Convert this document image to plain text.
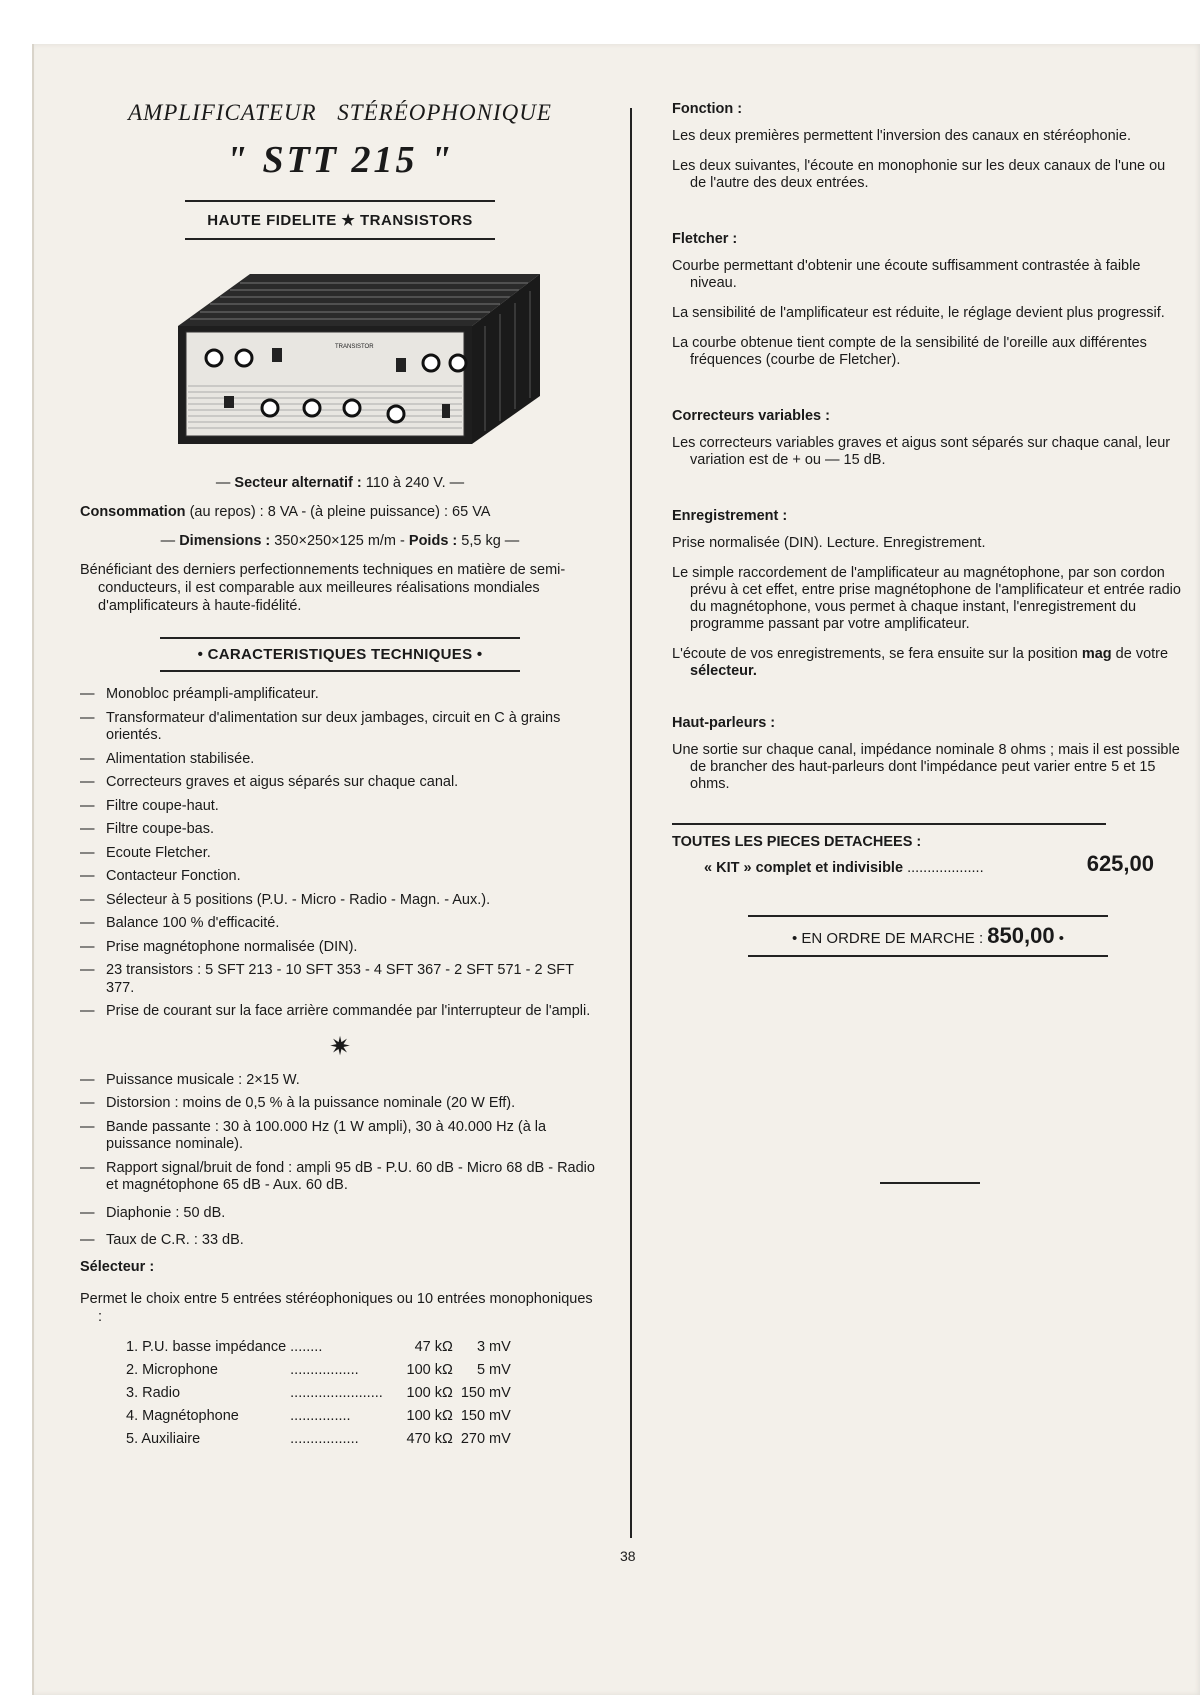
AMPLIFICATEUR STÉRÉOPHONIQUE
" STT 215 "
HAUTE FIDELITE ★ TRANSISTORS
TRANSISTOR

— Secteur alternatif : 110 à 240 V. —

Consommation (au repos) : 8 VA - (à pleine puissance) : 65 VA

— Dimensions : 350×250×125 m/m - Poids : 5,5 kg —

Bénéficiant des derniers perfectionnements techniques en matière de semi-conducteurs, il est comparable aux meilleures réalisations mondiales d'amplificateurs à haute-fidélité.

• CARACTERISTIQUES TECHNIQUES •
— Monobloc préampli-amplificateur.
— Transformateur d'alimentation sur deux jambages, circuit en C à grains orientés.
— Alimentation stabilisée.
— Correcteurs graves et aigus séparés sur chaque canal.
— Filtre coupe-haut.
— Filtre coupe-bas.
— Ecoute Fletcher.
— Contacteur Fonction.
— Sélecteur à 5 positions (P.U. - Micro - Radio - Magn. - Aux.).
— Balance 100 % d'efficacité.
— Prise magnétophone normalisée (DIN).
— 23 transistors : 5 SFT 213 - 10 SFT 353 - 4 SFT 367 - 2 SFT 571 - 2 SFT 377.
— Prise de courant sur la face arrière commandée par l'interrupteur de l'ampli.
✷
— Puissance musicale : 2×15 W.
— Distorsion : moins de 0,5 % à la puissance nominale (20 W Eff).
— Bande passante : 30 à 100.000 Hz (1 W ampli), 30 à 40.000 Hz (à la puissance nominale).
— Rapport signal/bruit de fond : ampli 95 dB - P.U. 60 dB - Micro 68 dB - Radio et magnétophone 65 dB - Aux. 60 dB.
— Diaphonie : 50 dB.
— Taux de C.R. : 33 dB.

Sélecteur :

Permet le choix entre 5 entrées stéréophoniques ou 10 entrées monophoniques :

1. P.U. basse impédance	........	47 kΩ	3 mV
2. Microphone	.................	100 kΩ	5 mV
3. Radio	.......................	100 kΩ	150 mV
4. Magnétophone	...............	100 kΩ	150 mV
5. Auxiliaire	.................	470 kΩ	270 mV

Fonction :

Les deux premières permettent l'inversion des canaux en stéréophonie.

Les deux suivantes, l'écoute en monophonie sur les deux canaux de l'une ou de l'autre des deux entrées.

Fletcher :

Courbe permettant d'obtenir une écoute suffisamment contrastée à faible niveau.

La sensibilité de l'amplificateur est réduite, le réglage devient plus progressif.

La courbe obtenue tient compte de la sensibilité de l'oreille aux différentes fréquences (courbe de Fletcher).

Correcteurs variables :

Les correcteurs variables graves et aigus sont séparés sur chaque canal, leur variation est de + ou — 15 dB.

Enregistrement :

Prise normalisée (DIN). Lecture. Enregistrement.

Le simple raccordement de l'amplificateur au magnétophone, par son cordon prévu à cet effet, entre prise magnétophone de l'amplificateur et entrée radio du magnétophone, vous permet à chaque instant, l'enregistrement du programme passant par votre amplificateur.

L'écoute de vos enregistrements, se fera ensuite sur la position mag de votre sélecteur.

Haut-parleurs :

Une sortie sur chaque canal, impédance nominale 8 ohms ; mais il est possible de brancher des haut-parleurs dont l'impédance peut varier entre 5 et 15 ohms.

TOUTES LES PIECES DETACHEES :

« KIT » complet et indivisible ...................	625,00
• EN ORDRE DE MARCHE : 850,00 •
38
